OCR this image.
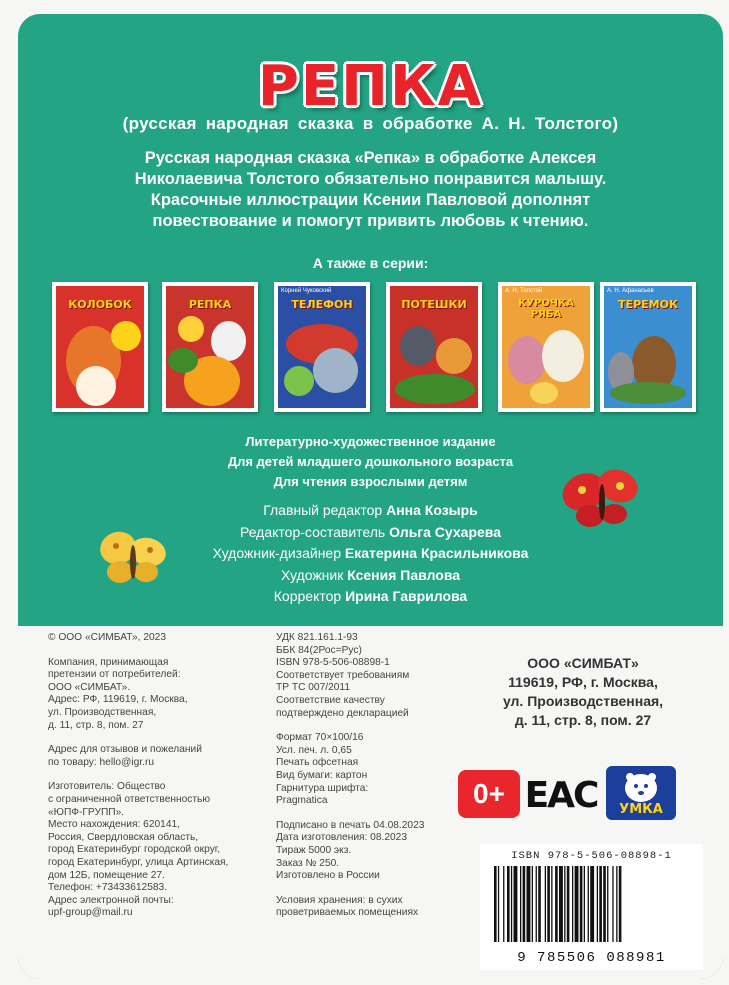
РЕПКА
(русская народная сказка в обработке А. Н. Толстого)
Русская народная сказка «Репка» в обработке Алексея
Николаевича Толстого обязательно понравится малышу.
Красочные иллюстрации Ксении Павловой дополнят
повествование и помогут привить любовь к чтению.
А также в серии:
КОЛОБОК	РЕПКА
Корней Чуковский
ТЕЛЕФОН	ПОТЕШКИ
А. Н. Толстой
КУРОЧКА РЯБА
А. Н. Афанасьев
ТЕРЕМОК
Литературно-художественное издание
Для детей младшего дошкольного возраста
Для чтения взрослыми детям
Главный редактор Анна Козырь
Редактор-составитель Ольга Сухарева
Художник-дизайнер Екатерина Красильникова
Художник Ксения Павлова
Корректор Ирина Гаврилова
© ООО «СИМБАТ», 2023
Компания, принимающая
претензии от потребителей:
ООО «СИМБАТ».
Адрес: РФ, 119619, г. Москва,
ул. Производственная,
д. 11, стр. 8, пом. 27
Адрес для отзывов и пожеланий
по товару: hello@igr.ru
Изготовитель: Общество
с ограниченной ответственностью
«ЮПФ-ГРУПП».
Место нахождения: 620141,
Россия, Свердловская область,
город Екатеринбург городской округ,
город Екатеринбург, улица Артинская,
дом 12Б, помещение 27.
Телефон: +73433612583.
Адрес электронной почты:
upf-group@mail.ru
УДК 821.161.1-93
ББК 84(2Рос=Рус)
ISBN 978-5-506-08898-1
Соответствует требованиям
ТР ТС 007/2011
Соответствие качеству
подтверждено декларацией
Формат 70×100/16
Усл. печ. л. 0,65
Печать офсетная
Вид бумаги: картон
Гарнитура шрифта:
Pragmatica
Подписано в печать 04.08.2023
Дата изготовления: 08.2023
Тираж 5000 экз.
Заказ № 250.
Изготовлено в России
Условия хранения: в сухих
проветриваемых помещениях
ООО «СИМБАТ»
119619, РФ, г. Москва,
ул. Производственная,
д. 11, стр. 8, пом. 27
0+ EAC	УМКА
ISBN 978-5-506-08898-1
9 785506 088981
